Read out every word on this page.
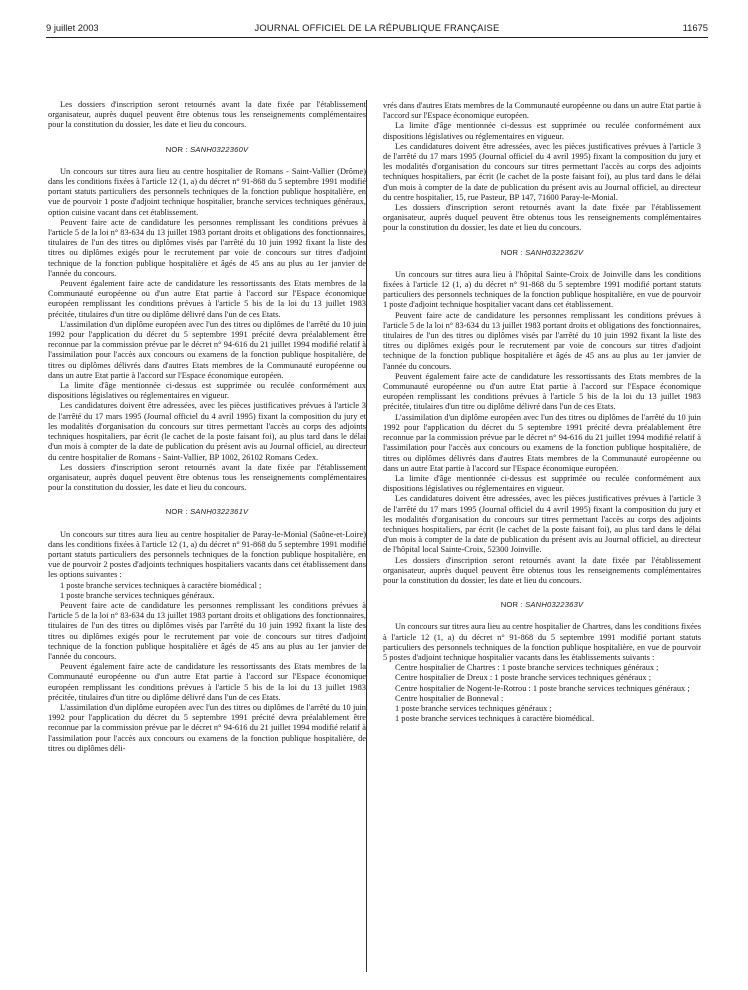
9 juillet 2003	JOURNAL OFFICIEL DE LA RÉPUBLIQUE FRANÇAISE	11675

Les dossiers d'inscription seront retournés avant la date fixée par l'établissement organisateur, auprès duquel peuvent être obtenus tous les renseignements complémentaires pour la constitution du dossier, les date et lieu du concours.

NOR : SANH0322360V

Un concours sur titres aura lieu au centre hospitalier de Romans - Saint-Vallier (Drôme) dans les conditions fixées à l'article 12 (1, a) du décret n° 91-868 du 5 septembre 1991 modifié portant statuts particuliers des personnels techniques de la fonction publique hospitalière, en vue de pourvoir 1 poste d'adjoint technique hospitalier, branche services techniques généraux, option cuisine vacant dans cet établissement.

Peuvent faire acte de candidature les personnes remplissant les conditions prévues à l'article 5 de la loi n° 83-634 du 13 juillet 1983 portant droits et obligations des fonctionnaires, titulaires de l'un des titres ou diplômes visés par l'arrêté du 10 juin 1992 fixant la liste des titres ou diplômes exigés pour le recrutement par voie de concours sur titres d'adjoint technique de la fonction publique hospitalière et âgés de 45 ans au plus au 1er janvier de l'année du concours.

Peuvent également faire acte de candidature les ressortissants des Etats membres de la Communauté européenne ou d'un autre Etat partie à l'accord sur l'Espace économique européen remplissant les conditions prévues à l'article 5 bis de la loi du 13 juillet 1983 précitée, titulaires d'un titre ou diplôme délivré dans l'un de ces Etats.

L'assimilation d'un diplôme européen avec l'un des titres ou diplômes de l'arrêté du 10 juin 1992 pour l'application du décret du 5 septembre 1991 précité devra préalablement être reconnue par la commission prévue par le décret n° 94-616 du 21 juillet 1994 modifié relatif à l'assimilation pour l'accès aux concours ou examens de la fonction publique hospitalière, de titres ou diplômes délivrés dans d'autres Etats membres de la Communauté européenne ou dans un autre Etat partie à l'accord sur l'Espace économique européen.

La limite d'âge mentionnée ci-dessus est supprimée ou reculée conformément aux dispositions législatives ou réglementaires en vigueur.

Les candidatures doivent être adressées, avec les pièces justificatives prévues à l'article 3 de l'arrêté du 17 mars 1995 (Journal officiel du 4 avril 1995) fixant la composition du jury et les modalités d'organisation du concours sur titres permettant l'accès au corps des adjoints techniques hospitaliers, par écrit (le cachet de la poste faisant foi), au plus tard dans le délai d'un mois à compter de la date de publication du présent avis au Journal officiel, au directeur du centre hospitalier de Romans - Saint-Vallier, BP 1002, 26102 Romans Cedex.

Les dossiers d'inscription seront retournés avant la date fixée par l'établissement organisateur, auprès duquel peuvent être obtenus tous les renseignements complémentaires pour la constitution du dossier, les date et lieu du concours.

NOR : SANH0322361V

Un concours sur titres aura lieu au centre hospitalier de Paray-le-Monial (Saône-et-Loire) dans les conditions fixées à l'article 12 (1, a) du décret n° 91-868 du 5 septembre 1991 modifié portant statuts particuliers des personnels techniques de la fonction publique hospitalière, en vue de pourvoir 2 postes d'adjoints techniques hospitaliers vacants dans cet établissement dans les options suivantes :

1 poste branche services techniques à caractère biomédical ;

1 poste branche services techniques généraux.

Peuvent faire acte de candidature les personnes remplissant les conditions prévues à l'article 5 de la loi n° 83-634 du 13 juillet 1983 portant droits et obligations des fonctionnaires, titulaires de l'un des titres ou diplômes visés par l'arrêté du 10 juin 1992 fixant la liste des titres ou diplômes exigés pour le recrutement par voie de concours sur titres d'adjoint technique de la fonction publique hospitalière et âgés de 45 ans au plus au 1er janvier de l'année du concours.

Peuvent également faire acte de candidature les ressortissants des Etats membres de la Communauté européenne ou d'un autre Etat partie à l'accord sur l'Espace économique européen remplissant les conditions prévues à l'article 5 bis de la loi du 13 juillet 1983 précitée, titulaires d'un titre ou diplôme délivré dans l'un de ces Etats.

L'assimilation d'un diplôme européen avec l'un des titres ou diplômes de l'arrêté du 10 juin 1992 pour l'application du décret du 5 septembre 1991 précité devra préalablement être reconnue par la commission prévue par le décret n° 94-616 du 21 juillet 1994 modifié relatif à l'assimilation pour l'accès aux concours ou examens de la fonction publique hospitalière, de titres ou diplômes déli-

vrés dans d'autres Etats membres de la Communauté européenne ou dans un autre Etat partie à l'accord sur l'Espace économique européen.

La limite d'âge mentionnée ci-dessus est supprimée ou reculée conformément aux dispositions législatives ou réglementaires en vigueur.

Les candidatures doivent être adressées, avec les pièces justificatives prévues à l'article 3 de l'arrêté du 17 mars 1995 (Journal officiel du 4 avril 1995) fixant la composition du jury et les modalités d'organisation du concours sur titres permettant l'accès au corps des adjoints techniques hospitaliers, par écrit (le cachet de la poste faisant foi), au plus tard dans le délai d'un mois à compter de la date de publication du présent avis au Journal officiel, au directeur du centre hospitalier, 15, rue Pasteur, BP 147, 71600 Paray-le-Monial.

Les dossiers d'inscription seront retournés avant la date fixée par l'établissement organisateur, auprès duquel peuvent être obtenus tous les renseignements complémentaires pour la constitution du dossier, les date et lieu du concours.

NOR : SANH0322362V

Un concours sur titres aura lieu à l'hôpital Sainte-Croix de Joinville dans les conditions fixées à l'article 12 (1, a) du décret n° 91-868 du 5 septembre 1991 modifié portant statuts particuliers des personnels techniques de la fonction publique hospitalière, en vue de pourvoir 1 poste d'adjoint technique hospitalier vacant dans cet établissement.

Peuvent faire acte de candidature les personnes remplissant les conditions prévues à l'article 5 de la loi n° 83-634 du 13 juillet 1983 portant droits et obligations des fonctionnaires, titulaires de l'un des titres ou diplômes visés par l'arrêté du 10 juin 1992 fixant la liste des titres ou diplômes exigés pour le recrutement par voie de concours sur titres d'adjoint technique de la fonction publique hospitalière et âgés de 45 ans au plus au 1er janvier de l'année du concours.

Peuvent également faire acte de candidature les ressortissants des Etats membres de la Communauté européenne ou d'un autre Etat partie à l'accord sur l'Espace économique européen remplissant les conditions prévues à l'article 5 bis de la loi du 13 juillet 1983 précitée, titulaires d'un titre ou diplôme délivré dans l'un de ces Etats.

L'assimilation d'un diplôme européen avec l'un des titres ou diplômes de l'arrêté du 10 juin 1992 pour l'application du décret du 5 septembre 1991 précité devra préalablement être reconnue par la commission prévue par le décret n° 94-616 du 21 juillet 1994 modifié relatif à l'assimilation pour l'accès aux concours ou examens de la fonction publique hospitalière, de titres ou diplômes délivrés dans d'autres Etats membres de la Communauté européenne ou dans un autre Etat partie à l'accord sur l'Espace économique européen.

La limite d'âge mentionnée ci-dessus est supprimée ou reculée conformément aux dispositions législatives ou réglementaires en vigueur.

Les candidatures doivent être adressées, avec les pièces justificatives prévues à l'article 3 de l'arrêté du 17 mars 1995 (Journal officiel du 4 avril 1995) fixant la composition du jury et les modalités d'organisation du concours sur titres permettant l'accès au corps des adjoints techniques hospitaliers, par écrit (le cachet de la poste faisant foi), au plus tard dans le délai d'un mois à compter de la date de publication du présent avis au Journal officiel, au directeur de l'hôpital local Sainte-Croix, 52300 Joinville.

Les dossiers d'inscription seront retournés avant la date fixée par l'établissement organisateur, auprès duquel peuvent être obtenus tous les renseignements complémentaires pour la constitution du dossier, les date et lieu du concours.

NOR : SANH0322363V

Un concours sur titres aura lieu au centre hospitalier de Chartres, dans les conditions fixées à l'article 12 (1, a) du décret n° 91-868 du 5 septembre 1991 modifié portant statuts particuliers des personnels techniques de la fonction publique hospitalière, en vue de pourvoir 5 postes d'adjoint technique hospitalier vacants dans les établissements suivants :

Centre hospitalier de Chartres : 1 poste branche services techniques généraux ;

Centre hospitalier de Dreux : 1 poste branche services techniques généraux ;

Centre hospitalier de Nogent-le-Rotrou : 1 poste branche services techniques généraux ;

Centre hospitalier de Bonneval :

1 poste branche services techniques généraux ;

1 poste branche services techniques à caractère biomédical.
